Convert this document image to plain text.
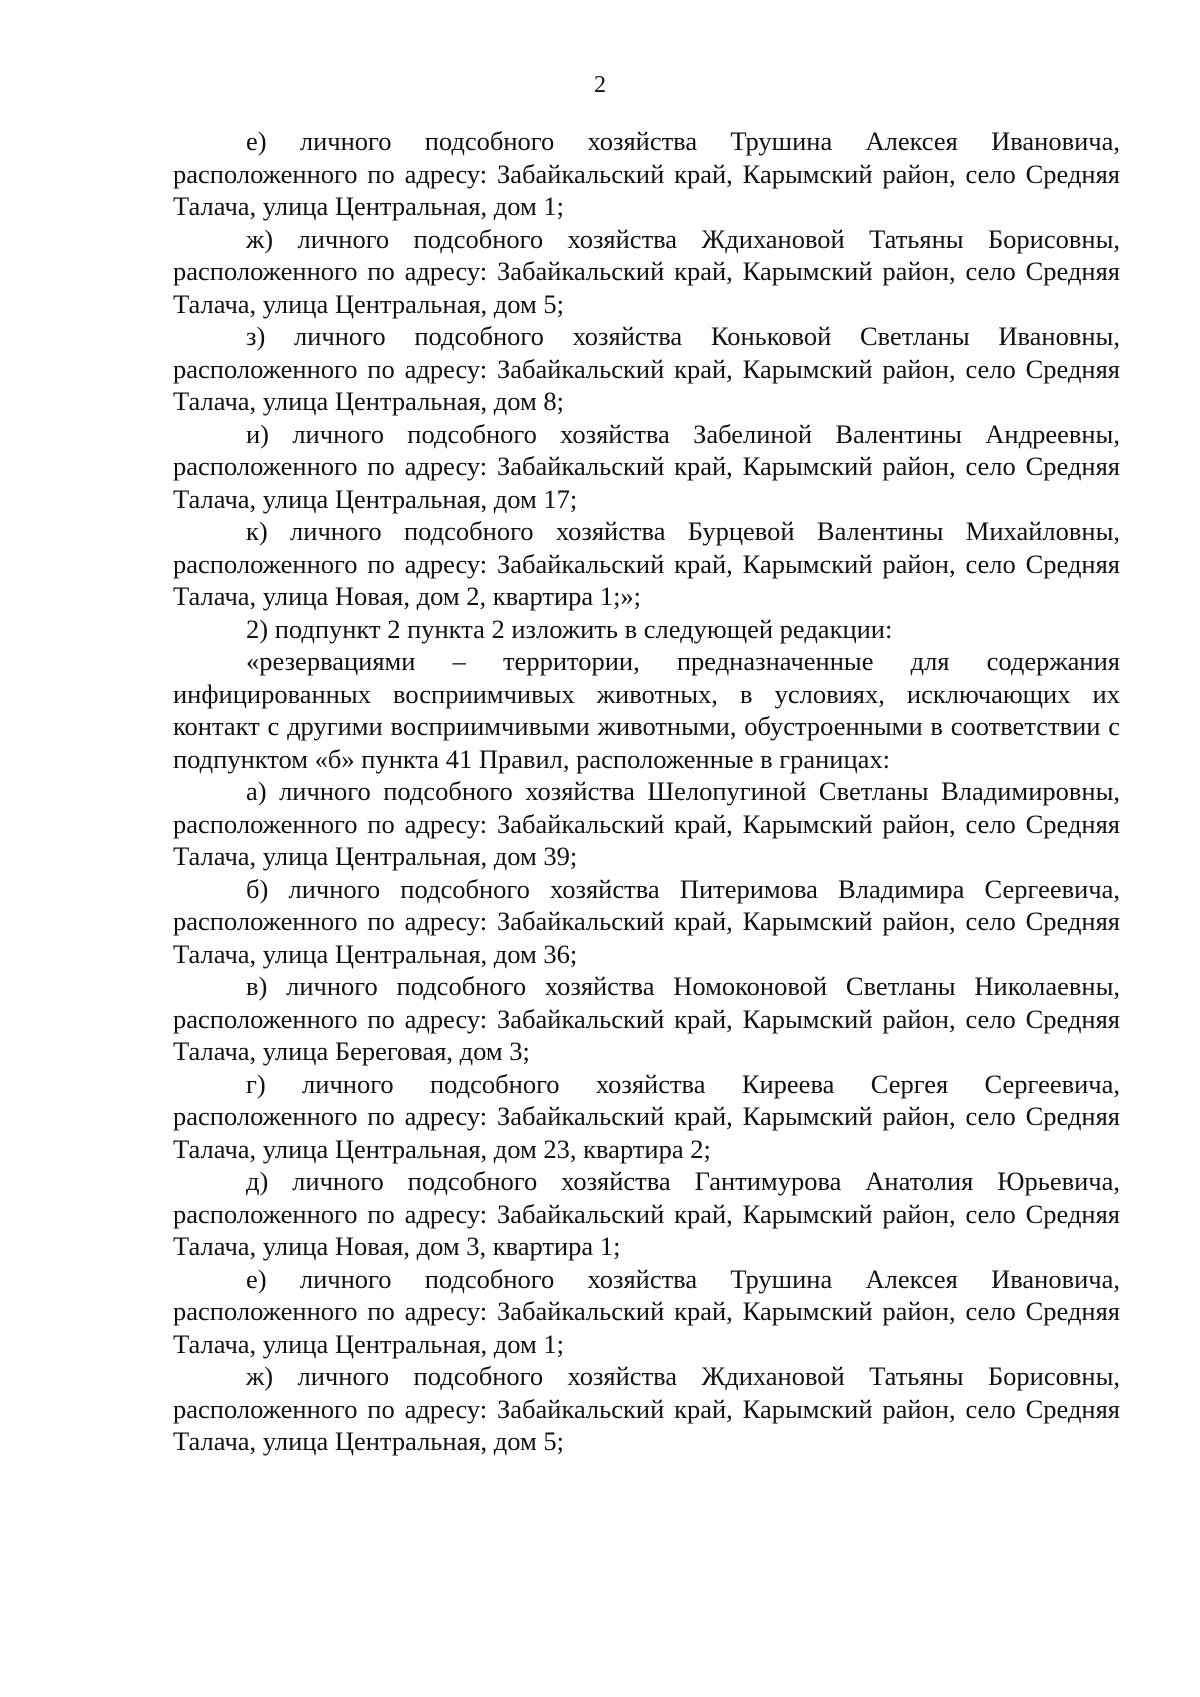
2

е) личного подсобного хозяйства Трушина Алексея Ивановича, расположенного по адресу: Забайкальский край, Карымский район, село Средняя Талача, улица Центральная, дом 1;

ж) личного подсобного хозяйства Ждихановой Татьяны Борисовны, расположенного по адресу: Забайкальский край, Карымский район, село Средняя Талача, улица Центральная, дом 5;

з) личного подсобного хозяйства Коньковой Светланы Ивановны, расположенного по адресу: Забайкальский край, Карымский район, село Средняя Талача, улица Центральная, дом 8;

и) личного подсобного хозяйства Забелиной Валентины Андреевны, расположенного по адресу: Забайкальский край, Карымский район, село Средняя Талача, улица Центральная, дом 17;

к) личного подсобного хозяйства Бурцевой Валентины Михайловны, расположенного по адресу: Забайкальский край, Карымский район, село Средняя Талача, улица Новая, дом 2, квартира 1;»;

2) подпункт 2 пункта 2 изложить в следующей редакции:

«резервациями – территории, предназначенные для содержания инфицированных восприимчивых животных, в условиях, исключающих их контакт с другими восприимчивыми животными, обустроенными в соответствии с подпунктом «б» пункта 41 Правил, расположенные в границах:

а) личного подсобного хозяйства Шелопугиной Светланы Владимировны, расположенного по адресу: Забайкальский край, Карымский район, село Средняя Талача, улица Центральная, дом 39;

б) личного подсобного хозяйства Питеримова Владимира Сергеевича, расположенного по адресу: Забайкальский край, Карымский район, село Средняя Талача, улица Центральная, дом 36;

в) личного подсобного хозяйства Номоконовой Светланы Николаевны, расположенного по адресу: Забайкальский край, Карымский район, село Средняя Талача, улица Береговая, дом 3;

г) личного подсобного хозяйства Киреева Сергея Сергеевича, расположенного по адресу: Забайкальский край, Карымский район, село Средняя Талача, улица Центральная, дом 23, квартира 2;

д) личного подсобного хозяйства Гантимурова Анатолия Юрьевича, расположенного по адресу: Забайкальский край, Карымский район, село Средняя Талача, улица Новая, дом 3, квартира 1;

е) личного подсобного хозяйства Трушина Алексея Ивановича, расположенного по адресу: Забайкальский край, Карымский район, село Средняя Талача, улица Центральная, дом 1;

ж) личного подсобного хозяйства Ждихановой Татьяны Борисовны, расположенного по адресу: Забайкальский край, Карымский район, село Средняя Талача, улица Центральная, дом 5;
